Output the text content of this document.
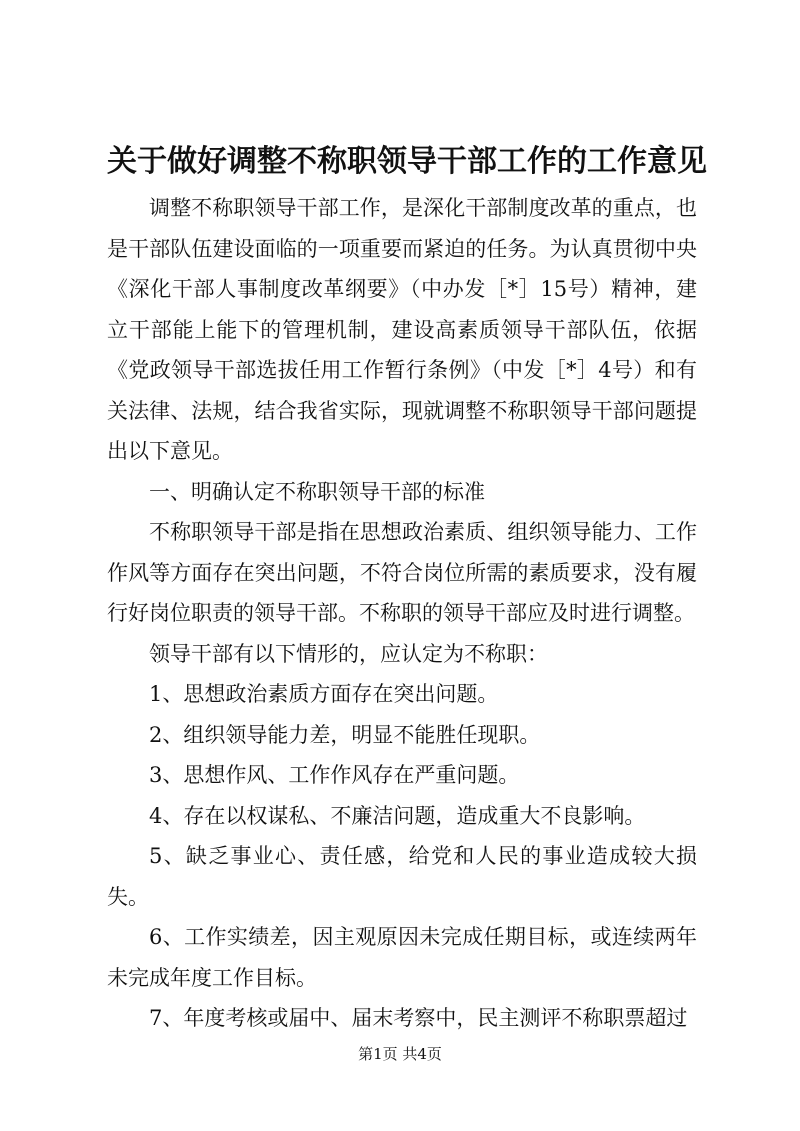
关于做好调整不称职领导干部工作的工作意见

调整不称职领导干部工作，是深化干部制度改革的重点，也是干部队伍建设面临的一项重要而紧迫的任务。为认真贯彻中央《深化干部人事制度改革纲要》（中办发［*］15号）精神，建立干部能上能下的管理机制，建设高素质领导干部队伍，依据《党政领导干部选拔任用工作暂行条例》（中发［*］4号）和有关法律、法规，结合我省实际，现就调整不称职领导干部问题提出以下意见。

一、明确认定不称职领导干部的标准

不称职领导干部是指在思想政治素质、组织领导能力、工作作风等方面存在突出问题，不符合岗位所需的素质要求，没有履行好岗位职责的领导干部。不称职的领导干部应及时进行调整。

领导干部有以下情形的，应认定为不称职：

1、思想政治素质方面存在突出问题。

2、组织领导能力差，明显不能胜任现职。

3、思想作风、工作作风存在严重问题。

4、存在以权谋私、不廉洁问题，造成重大不良影响。

5、缺乏事业心、责任感，给党和人民的事业造成较大损失。

6、工作实绩差，因主观原因未完成任期目标，或连续两年未完成年度工作目标。

7、年度考核或届中、届末考察中，民主测评不称职票超过

第1页 共4页
